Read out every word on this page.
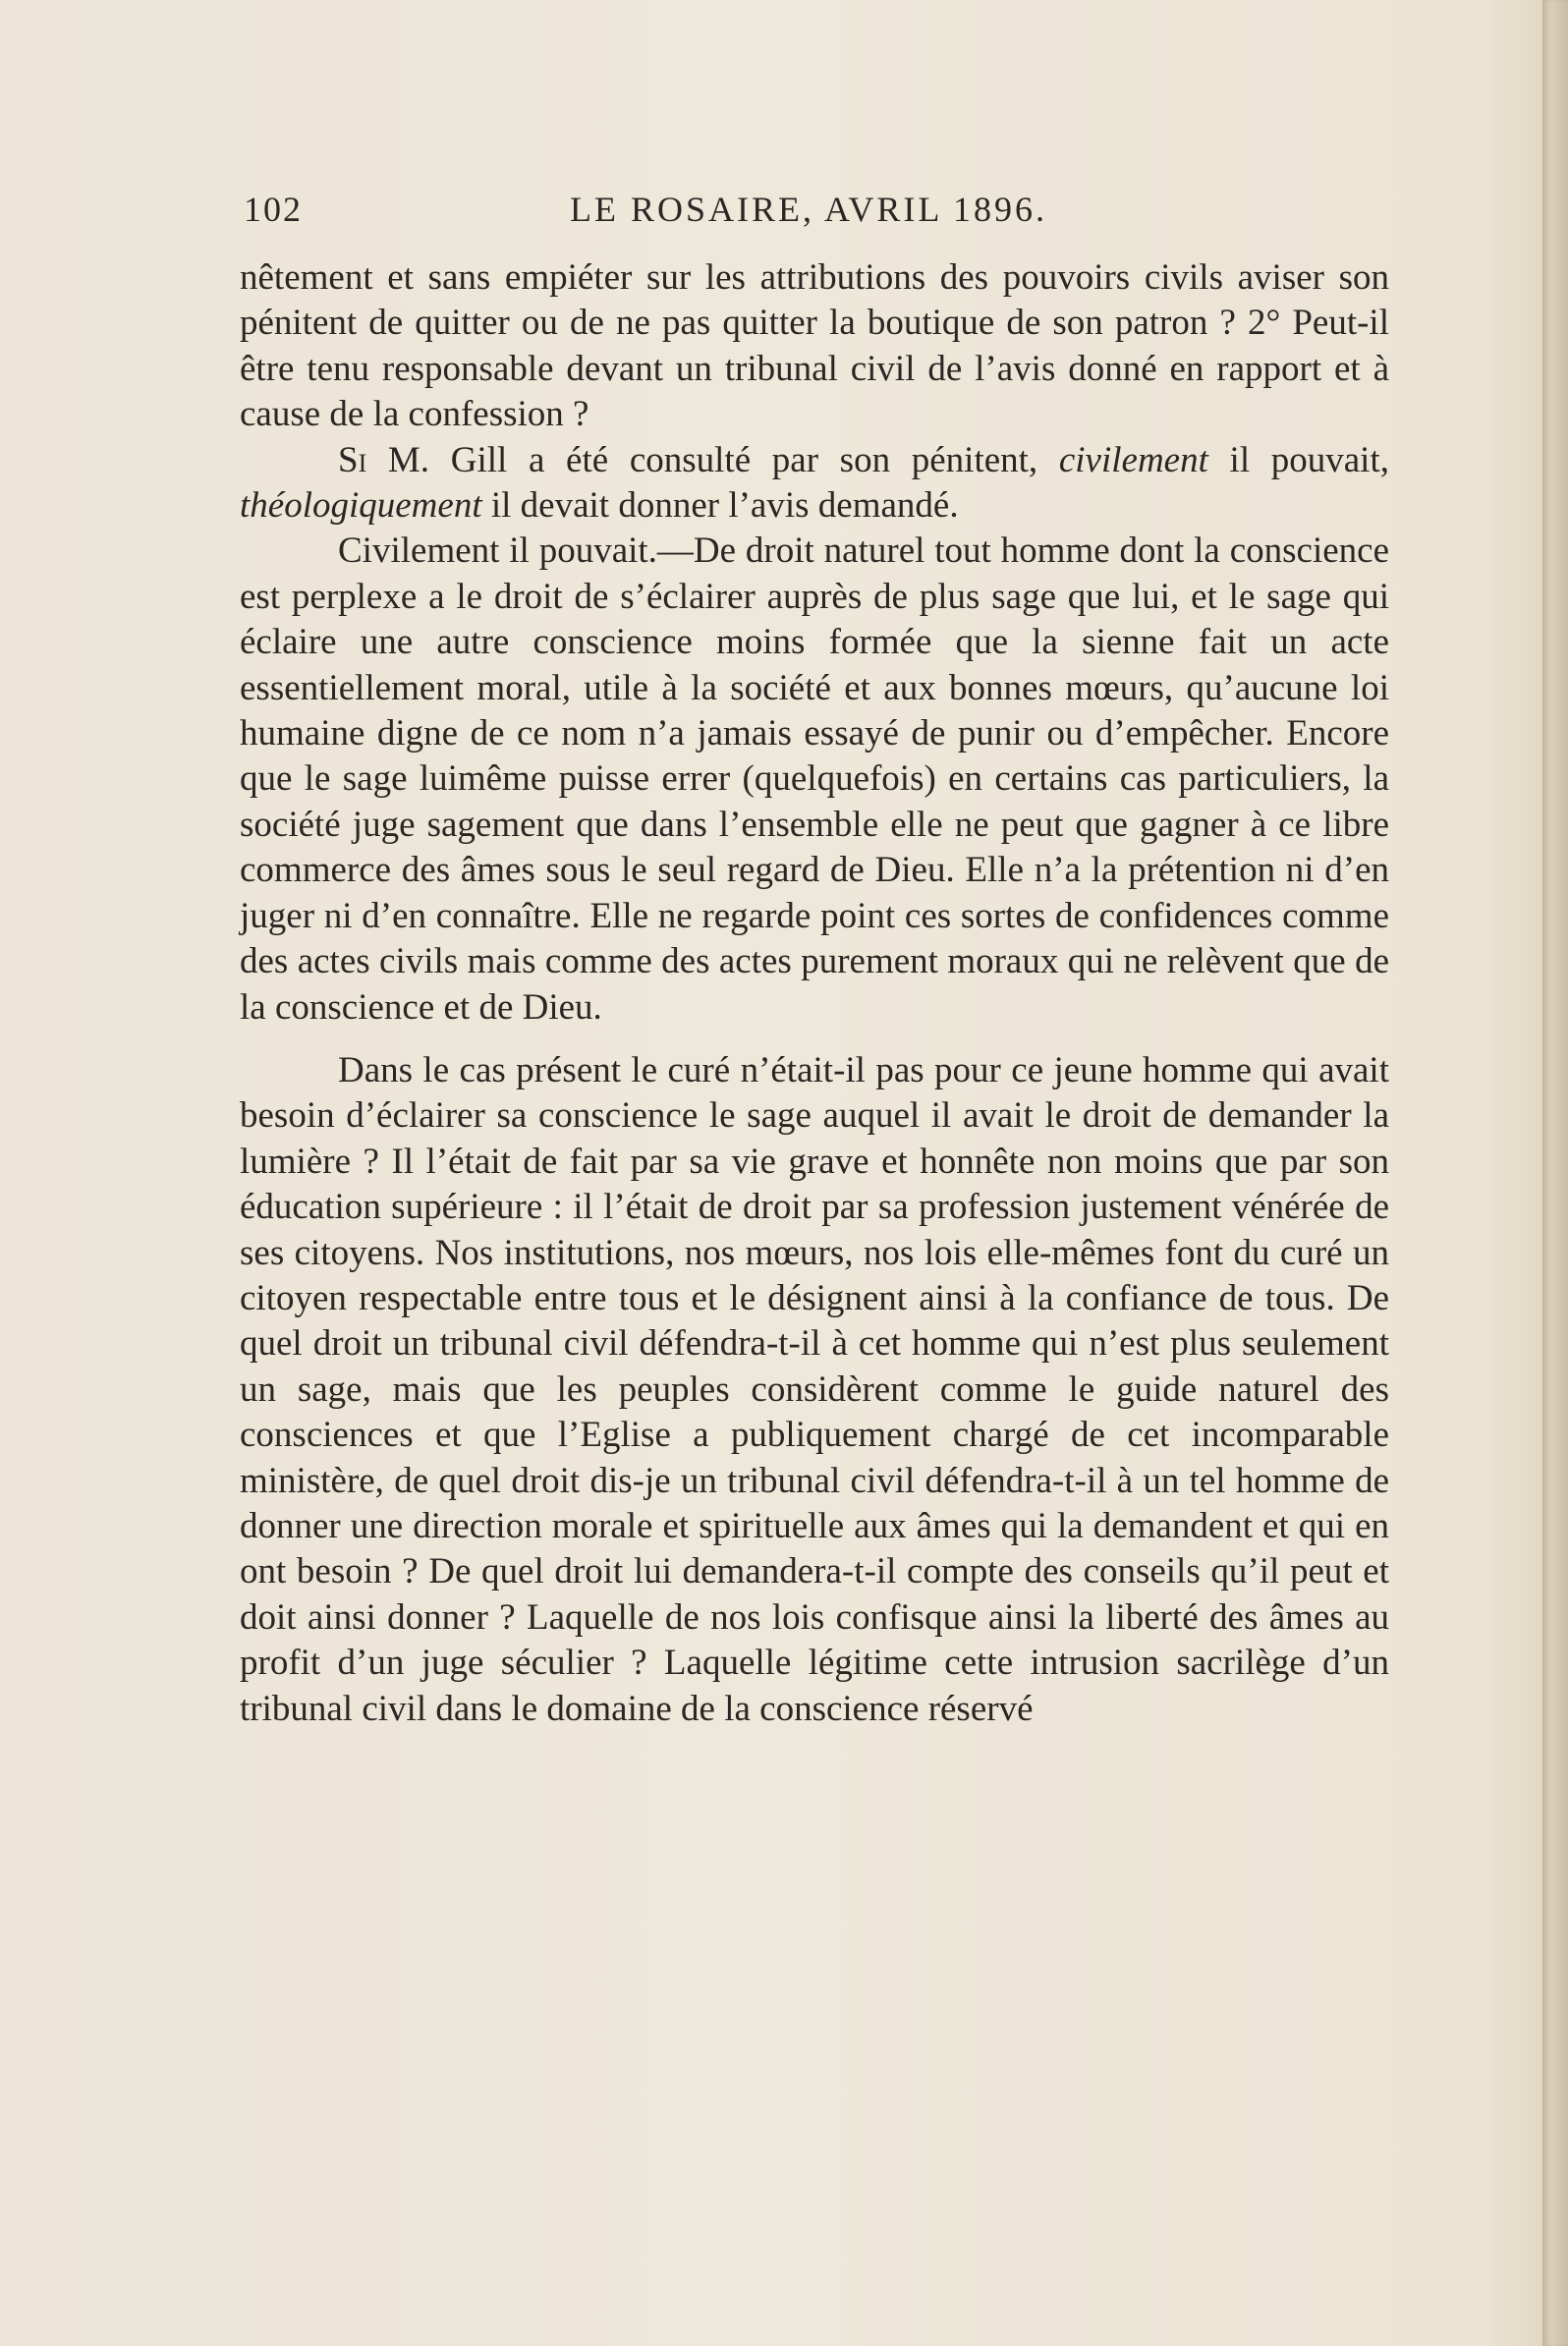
102	LE ROSAIRE, AVRIL 1896.

nêtement et sans empiéter sur les attributions des pouvoirs civils aviser son pénitent de quitter ou de ne pas quitter la boutique de son patron ? 2° Peut-il être tenu responsable devant un tribunal civil de l’avis donné en rapport et à cause de la confession ?

Si M. Gill a été consulté par son pénitent, civilement il pouvait, théologiquement il devait donner l’avis demandé.

Civilement il pouvait.—De droit naturel tout homme dont la conscience est perplexe a le droit de s’éclairer auprès de plus sage que lui, et le sage qui éclaire une autre conscience moins formée que la sienne fait un acte essentiellement moral, utile à la société et aux bonnes mœurs, qu’aucune loi humaine digne de ce nom n’a jamais essayé de punir ou d’empêcher. Encore que le sage luimême puisse errer (quelquefois) en certains cas particuliers, la société juge sagement que dans l’ensemble elle ne peut que gagner à ce libre commerce des âmes sous le seul regard de Dieu. Elle n’a la prétention ni d’en juger ni d’en connaître. Elle ne regarde point ces sortes de confidences comme des actes civils mais comme des actes purement moraux qui ne relèvent que de la conscience et de Dieu.

Dans le cas présent le curé n’était-il pas pour ce jeune homme qui avait besoin d’éclairer sa conscience le sage auquel il avait le droit de demander la lumière ? Il l’était de fait par sa vie grave et honnête non moins que par son éducation supérieure : il l’était de droit par sa profession justement vénérée de ses citoyens. Nos institutions, nos mœurs, nos lois elle-mêmes font du curé un citoyen respectable entre tous et le désignent ainsi à la confiance de tous. De quel droit un tribunal civil défendra-t-il à cet homme qui n’est plus seulement un sage, mais que les peuples considèrent comme le guide naturel des consciences et que l’Eglise a publiquement chargé de cet incomparable ministère, de quel droit dis-je un tribunal civil défendra-t-il à un tel homme de donner une direction morale et spirituelle aux âmes qui la demandent et qui en ont besoin ? De quel droit lui demandera-t-il compte des conseils qu’il peut et doit ainsi donner ? Laquelle de nos lois confisque ainsi la liberté des âmes au profit d’un juge séculier ? Laquelle légitime cette intrusion sacrilège d’un tribunal civil dans le domaine de la conscience réservé
